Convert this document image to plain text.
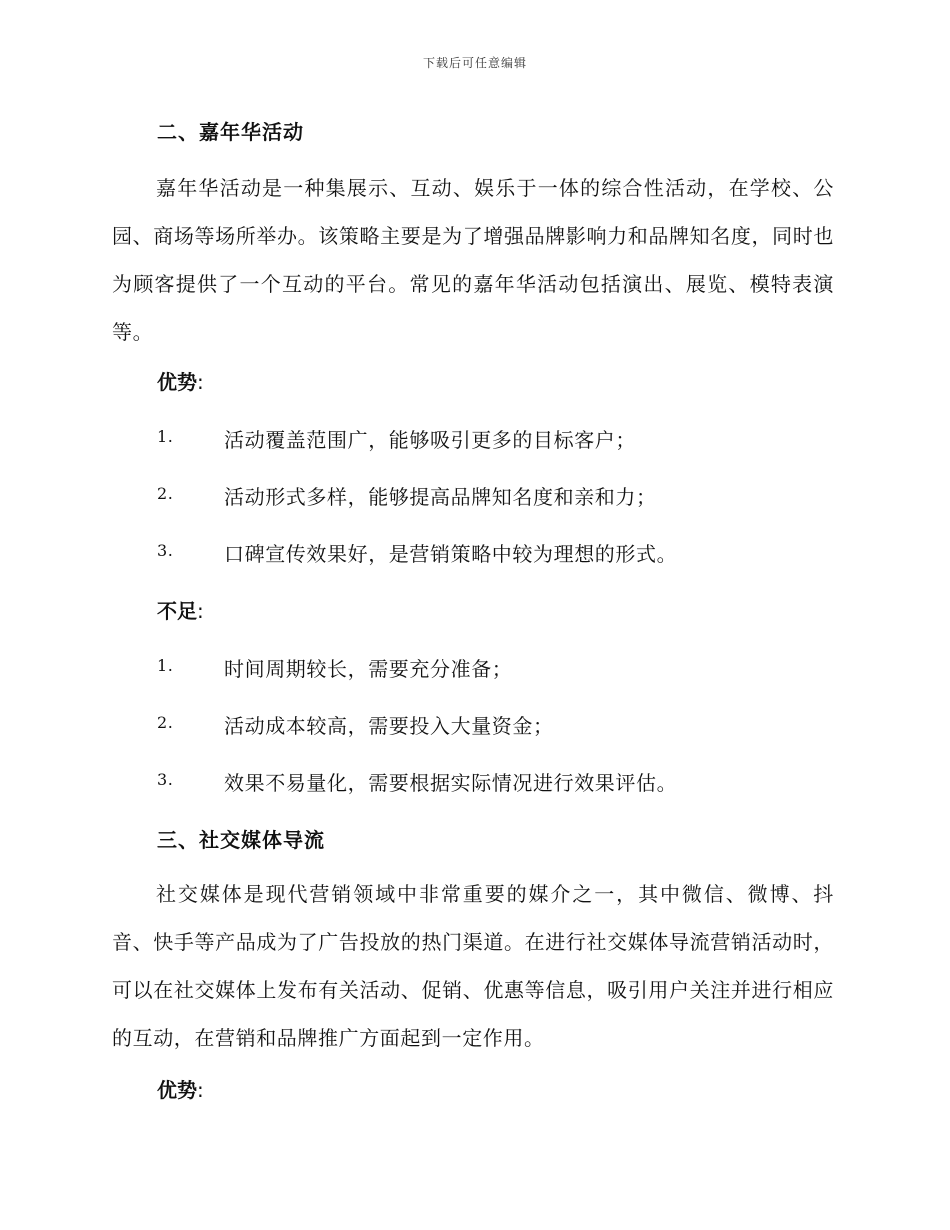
下载后可任意编辑
二、嘉年华活动

嘉年华活动是一种集展示、互动、娱乐于一体的综合性活动，在学校、公园、商场等场所举办。该策略主要是为了增强品牌影响力和品牌知名度，同时也为顾客提供了一个互动的平台。常见的嘉年华活动包括演出、展览、模特表演等。

优势:
1.	活动覆盖范围广，能够吸引更多的目标客户；
2.	活动形式多样，能够提高品牌知名度和亲和力；
3.	口碑宣传效果好，是营销策略中较为理想的形式。
不足:
1.	时间周期较长，需要充分准备；
2.	活动成本较高，需要投入大量资金；
3.	效果不易量化，需要根据实际情况进行效果评估。
三、社交媒体导流

社交媒体是现代营销领域中非常重要的媒介之一，其中微信、微博、抖音、快手等产品成为了广告投放的热门渠道。在进行社交媒体导流营销活动时，可以在社交媒体上发布有关活动、促销、优惠等信息，吸引用户关注并进行相应的互动，在营销和品牌推广方面起到一定作用。

优势:
